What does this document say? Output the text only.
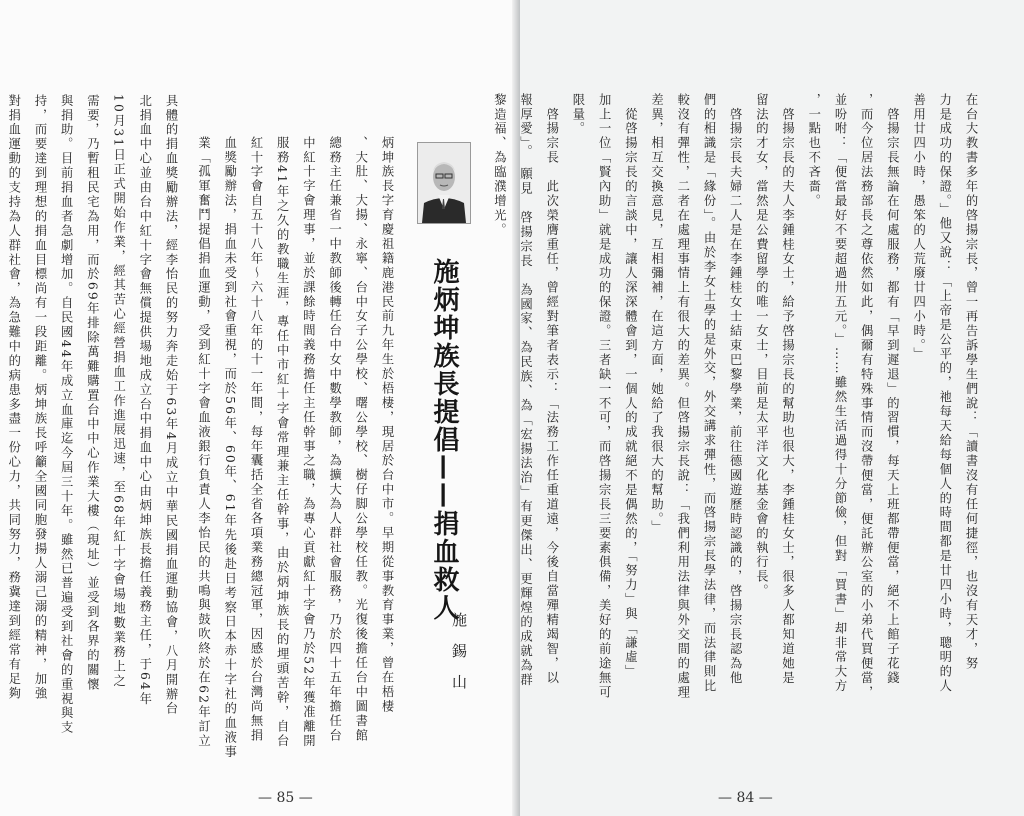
施炳坤族長提倡——捐血救人
施錫山

炳坤族長字育慶祖籍鹿港民前九年生於梧棲，現居於台中市。早期從事教育事業，曾在梧棲

、大肚、大揚、永寧、台中女子公學校、曙公學校、樹仔脚公學校任教。光復後擔任台中圖書館

總務主任兼省一中教師後轉任台中女中數學教師，為擴大為人群社會服務，乃於四十五年擔任台

中紅十字會理事，並於課餘時間義務擔任主任幹事之職，為專心貢獻紅十字會乃於52年獲准離開

服務41年之久的教職生涯，專任中市紅十字會常理兼主任幹事，由於炳坤族長的埋頭苦幹，自台

紅十字會自五十八年～六十八年的十一年間，每年囊括全省各項業務總冠軍，因感於台灣尚無捐

血獎勵辦法，捐血未受到社會重視，而於56年、60年、61年先後赴日考察日本赤十字社的血液事

業「孤軍奮鬥提倡捐血運動，受到紅十字會血液銀行負責人李怡民的共鳴與鼓吹終於在62年訂立

具體的捐血獎勵辦法，經李怡民的努力奔走始于63年4月成立中華民國捐血運動協會，八月開辦台

北捐血中心並由台中紅十字會無償提供場地成立台中捐血中心由炳坤族長擔任義務主任，于64年

10月31日正式開始作業，經其苦心經營捐血工作進展迅速，至68年紅十字會場地數業務上之

需要，乃暫租民宅為用，而於69年排除萬難購置台中中心作業大樓（現址）並受到各界的關懷

與捐助。目前捐血者急劇增加。自民國44年成立血庫迄今屆三十年。雖然已普遍受到社會的重視與支

持，而要達到理想的捐血目標尚有一段距離。炳坤族長呼籲全國同胞發揚人溺己溺的精神，加強

對捐血運動的支持為人群社會，為急難中的病患多盡一份心力，共同努力，務冀達到經常有足夠

— 85 —

在台大教書多年的啓揚宗長，曾一再告訴學生們說：「讀書沒有任何捷徑，也沒有天才，努

力是成功的保證。」他又說：「上帝是公平的，祂每天給每個人的時間都是廿四小時，聰明的人

善用廿四小時，愚笨的人荒廢廿四小時。」

　啓揚宗長無論在何處服務，都有「早到遲退」的習慣，每天上班都帶便當，絕不上館子花錢

，而今位居法務部長之尊依然如此，偶爾有特殊事情而沒帶便當，便託辦公室的小弟代買便當，

並吩咐：「便當最好不要超過卅五元。」……雖然生活過得十分節儉，但對「買書」却非常大方

，一點也不吝嗇。

　啓揚宗長的夫人李鍾桂女士，給予啓揚宗長的幫助也很大，李鍾桂女士，很多人都知道她是

留法的才女，當然是公費留學的唯一女士，目前是太平洋文化基金會的執行長。

　啓揚宗長夫婦二人是在李鍾桂女士結束巴黎學業，前往德國遊歷時認識的，啓揚宗長認為他

們的相識是「緣份」。由於李女士學的是外交，外交講求彈性，而啓揚宗長學法律，而法律則比

較沒有彈性，二者在處理事情上有很大的差異。但啓揚宗長說：「我們利用法律與外交間的處理

差異，相互交換意見，互相彌補，在這方面，她給了我很大的幫助。」

　從啓揚宗長的言談中，讓人深深體會到，一個人的成就絕不是偶然的，「努力」與「謙虛」

加上一位「賢內助」就是成功的保證。三者缺一不可，而啓揚宗長三要素俱備，美好的前途無可

限量。

　啓揚宗長　此次榮膺重任，曾經對筆者表示：「法務工作任重道遠，今後自當殫精竭智，以

報厚愛」。　願見　啓揚宗長　為國家、為民族、為「宏揚法治」有更傑出、更輝煌的成就為群

黎造福、為臨濮增光。

— 84 —
